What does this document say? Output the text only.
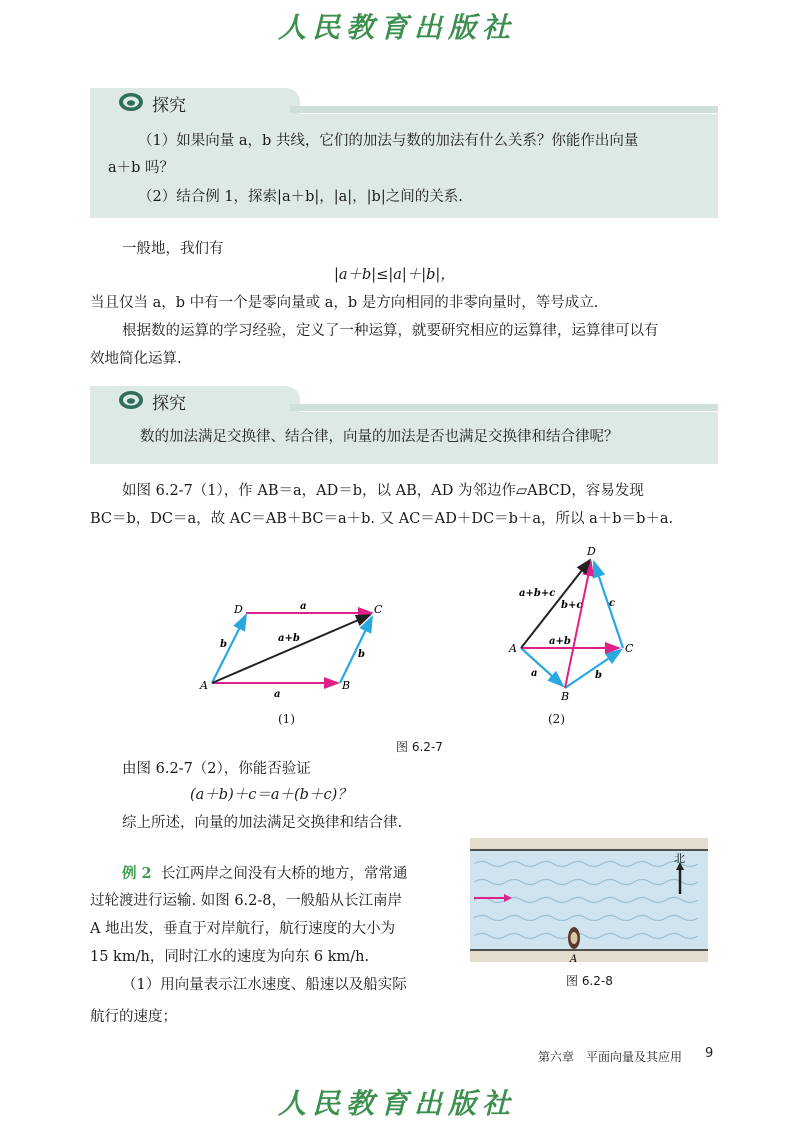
人民教育出版社
探究
（1）如果向量 a，b 共线，它们的加法与数的加法有什么关系？你能作出向量
a＋b 吗？
（2）结合例 1，探索|a＋b|，|a|，|b|之间的关系.
一般地，我们有
|a＋b|≤|a|＋|b|，
当且仅当 a，b 中有一个是零向量或 a，b 是方向相同的非零向量时，等号成立.
根据数的运算的学习经验，定义了一种运算，就要研究相应的运算律，运算律可以有
效地简化运算.
探究
数的加法满足交换律、结合律，向量的加法是否也满足交换律和结合律呢？
如图 6.2-7（1），作 AB＝a，AD＝b，以 AB，AD 为邻边作▱ABCD，容易发现
BC＝b，DC＝a，故 AC＝AB＋BC＝a＋b. 又 AC＝AD＋DC＝b＋a，所以 a＋b＝b＋a.
A	B
C
D	a
a
b
b
a+b
(1)
A
B
C
D
a+b+c
b+c	c
a+b
a	b
(2)
图 6.2-7
由图 6.2-7（2），你能否验证
(a＋b)＋c＝a＋(b＋c)？
综上所述，向量的加法满足交换律和结合律.
例 2 长江两岸之间没有大桥的地方，常常通
过轮渡进行运输. 如图 6.2-8，一般船从长江南岸
A 地出发，垂直于对岸航行，航行速度的大小为
15 km/h，同时江水的速度为向东 6 km/h.
（1）用向量表示江水速度、船速以及船实际
航行的速度；
北
A
图 6.2-8
第六章　平面向量及其应用 9
人民教育出版社
